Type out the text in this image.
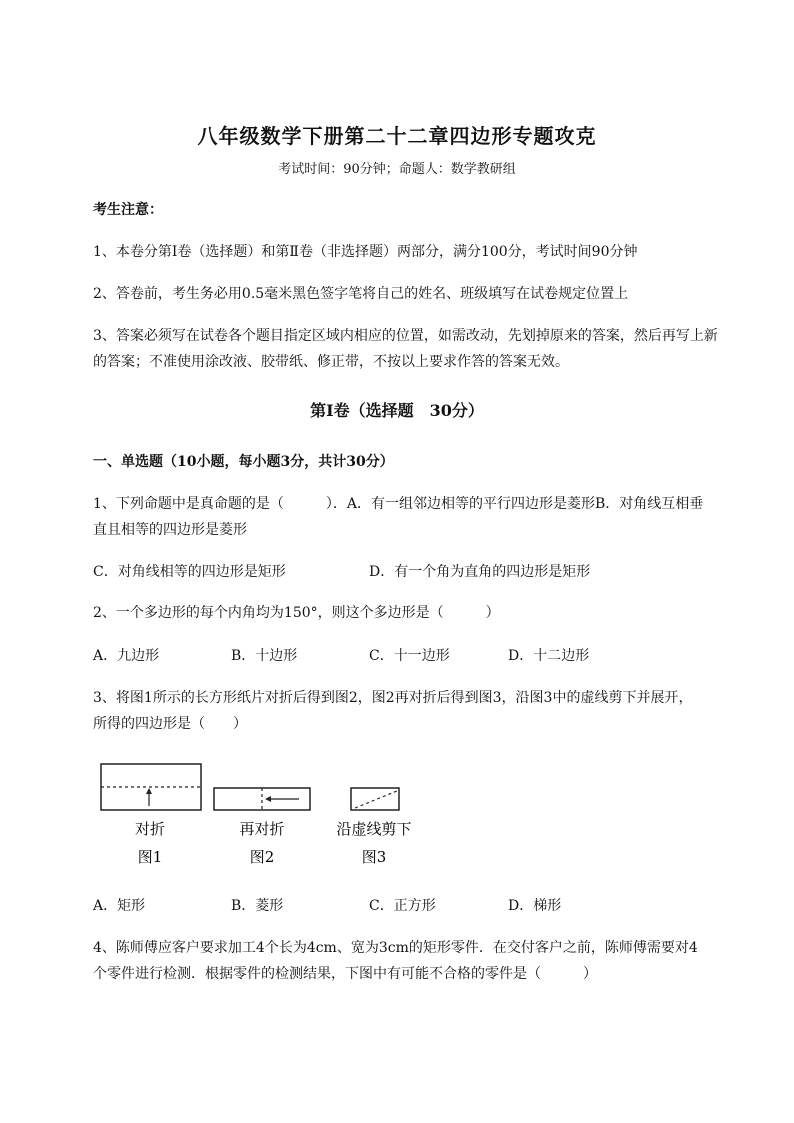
八年级数学下册第二十二章四边形专题攻克
考试时间：90分钟；命题人：数学教研组
考生注意：
1、本卷分第Ⅰ卷（选择题）和第Ⅱ卷（非选择题）两部分，满分100分，考试时间90分钟
2、答卷前，考生务必用0.5毫米黑色签字笔将自己的姓名、班级填写在试卷规定位置上
3、答案必须写在试卷各个题目指定区域内相应的位置，如需改动，先划掉原来的答案，然后再写上新
的答案；不准使用涂改液、胶带纸、修正带，不按以上要求作答的答案无效。
第Ⅰ卷（选择题　30分）
一、单选题（10小题，每小题3分，共计30分）
1、下列命题中是真命题的是（　　　）．A．有一组邻边相等的平行四边形是菱形B．对角线互相垂
直且相等的四边形是菱形
C．对角线相等的四边形是矩形	D．有一个角为直角的四边形是矩形
2、一个多边形的每个内角均为150°，则这个多边形是（　　　）
A．九边形	B．十边形	C．十一边形	D．十二边形
3、将图1所示的长方形纸片对折后得到图2，图2再对折后得到图3，沿图3中的虚线剪下并展开，
所得的四边形是（　　）
对折
图1
再对折
图2
沿虚线剪下
图3
A．矩形	B．菱形	C．正方形	D．梯形
4、陈师傅应客户要求加工4个长为4cm、宽为3cm的矩形零件．在交付客户之前，陈师傅需要对4
个零件进行检测．根据零件的检测结果，下图中有可能不合格的零件是（　　　）
